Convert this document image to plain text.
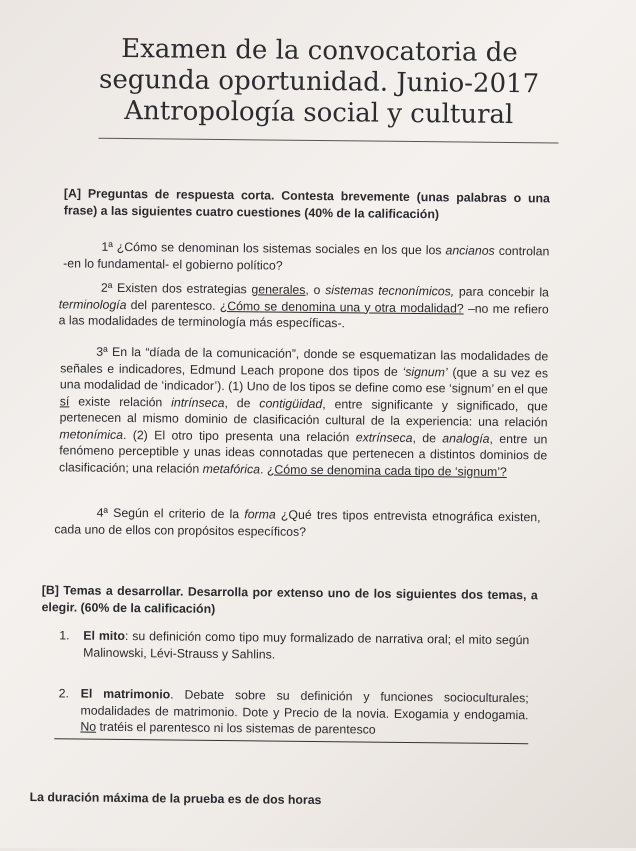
Examen de la convocatoria de
segunda oportunidad. Junio-2017
Antropología social y cultural
[A] Preguntas de respuesta corta. Contesta brevemente (unas palabras o una frase) a las siguientes cuatro cuestiones (40% de la calificación)
1ª ¿Cómo se denominan los sistemas sociales en los que los ancianos controlan -en lo fundamental- el gobierno político?
2ª Existen dos estrategias generales, o sistemas tecnonímicos, para concebir la terminología del parentesco. ¿Cómo se denomina una y otra modalidad? –no me refiero a las modalidades de terminología más específicas-.
3ª En la “díada de la comunicación”, donde se esquematizan las modalidades de señales e indicadores, Edmund Leach propone dos tipos de ‘signum’ (que a su vez es una modalidad de ‘indicador’). (1) Uno de los tipos se define como ese ‘signum’ en el que sí existe relación intrínseca, de contigüidad, entre significante y significado, que pertenecen al mismo dominio de clasificación cultural de la experiencia: una relación metonímica. (2) El otro tipo presenta una relación extrínseca, de analogía, entre un fenómeno perceptible y unas ideas connotadas que pertenecen a distintos dominios de clasificación; una relación metafórica. ¿Cómo se denomina cada tipo de ‘signum’?
4ª Según el criterio de la forma ¿Qué tres tipos entrevista etnográfica existen, cada uno de ellos con propósitos específicos?
[B] Temas a desarrollar. Desarrolla por extenso uno de los siguientes dos temas, a elegir. (60% de la calificación)
1.	El mito: su definición como tipo muy formalizado de narrativa oral; el mito según Malinowski, Lévi-Strauss y Sahlins.
2. El matrimonio. Debate sobre su definición y funciones socioculturales; modalidades de matrimonio. Dote y Precio de la novia. Exogamia y endogamia. No tratéis el parentesco ni los sistemas de parentesco
La duración máxima de la prueba es de dos horas
